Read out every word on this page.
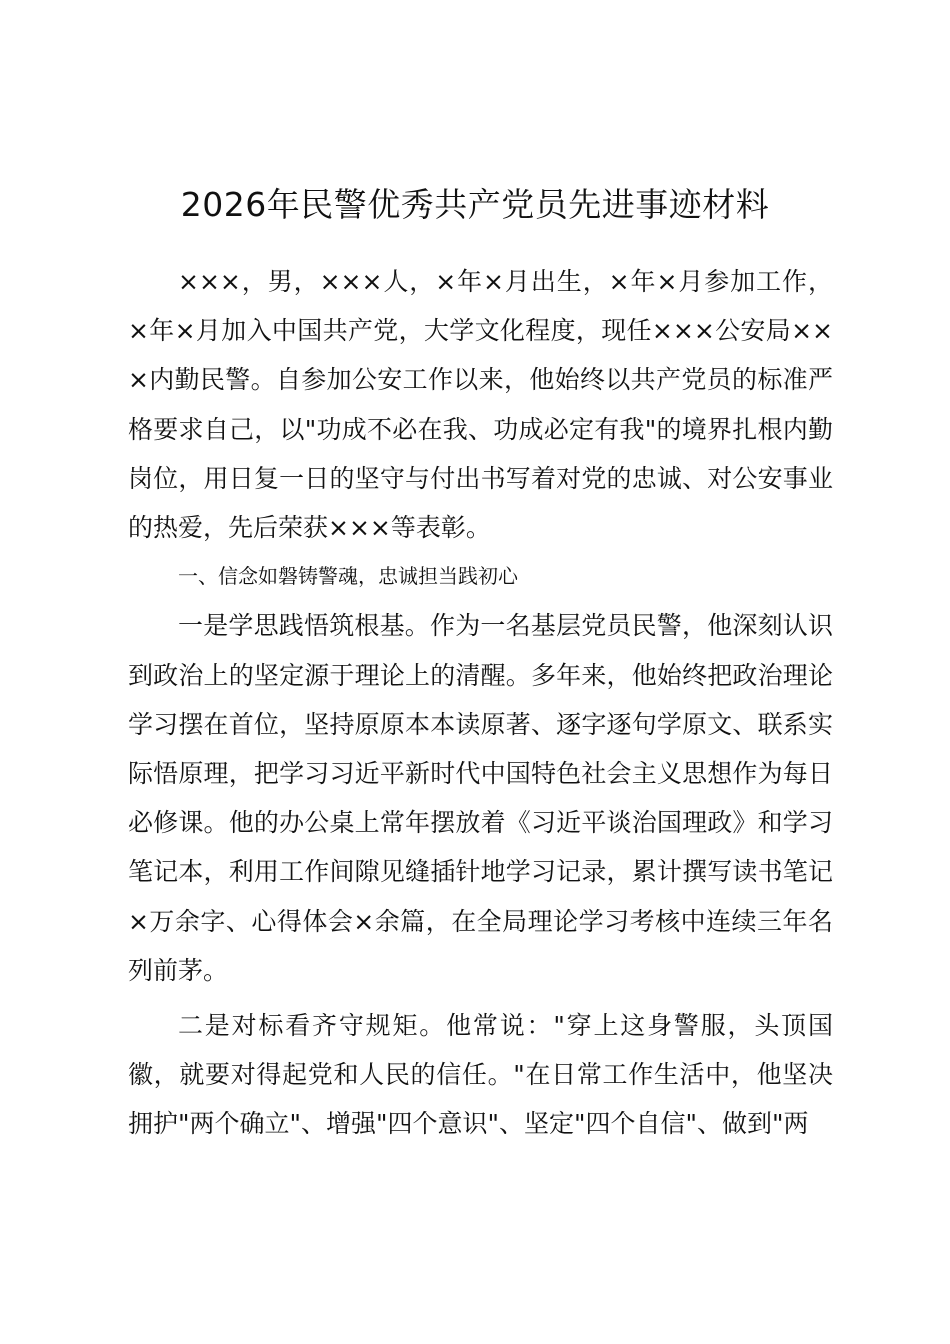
2026年民警优秀共产党员先进事迹材料

×××，男，×××人，×年×月出生，×年×月参加工作，×年×月加入中国共产党，大学文化程度，现任×××公安局×××内勤民警。自参加公安工作以来，他始终以共产党员的标准严格要求自己，以"功成不必在我、功成必定有我"的境界扎根内勤岗位，用日复一日的坚守与付出书写着对党的忠诚、对公安事业的热爱，先后荣获×××等表彰。

一、信念如磐铸警魂，忠诚担当践初心

一是学思践悟筑根基。作为一名基层党员民警，他深刻认识到政治上的坚定源于理论上的清醒。多年来，他始终把政治理论学习摆在首位，坚持原原本本读原著、逐字逐句学原文、联系实际悟原理，把学习习近平新时代中国特色社会主义思想作为每日必修课。他的办公桌上常年摆放着《习近平谈治国理政》和学习笔记本，利用工作间隙见缝插针地学习记录，累计撰写读书笔记×万余字、心得体会×余篇，在全局理论学习考核中连续三年名列前茅。

二是对标看齐守规矩。他常说："穿上这身警服，头顶国徽，就要对得起党和人民的信任。"在日常工作生活中，他坚决拥护"两个确立"、增强"四个意识"、坚定"四个自信"、做到"两
